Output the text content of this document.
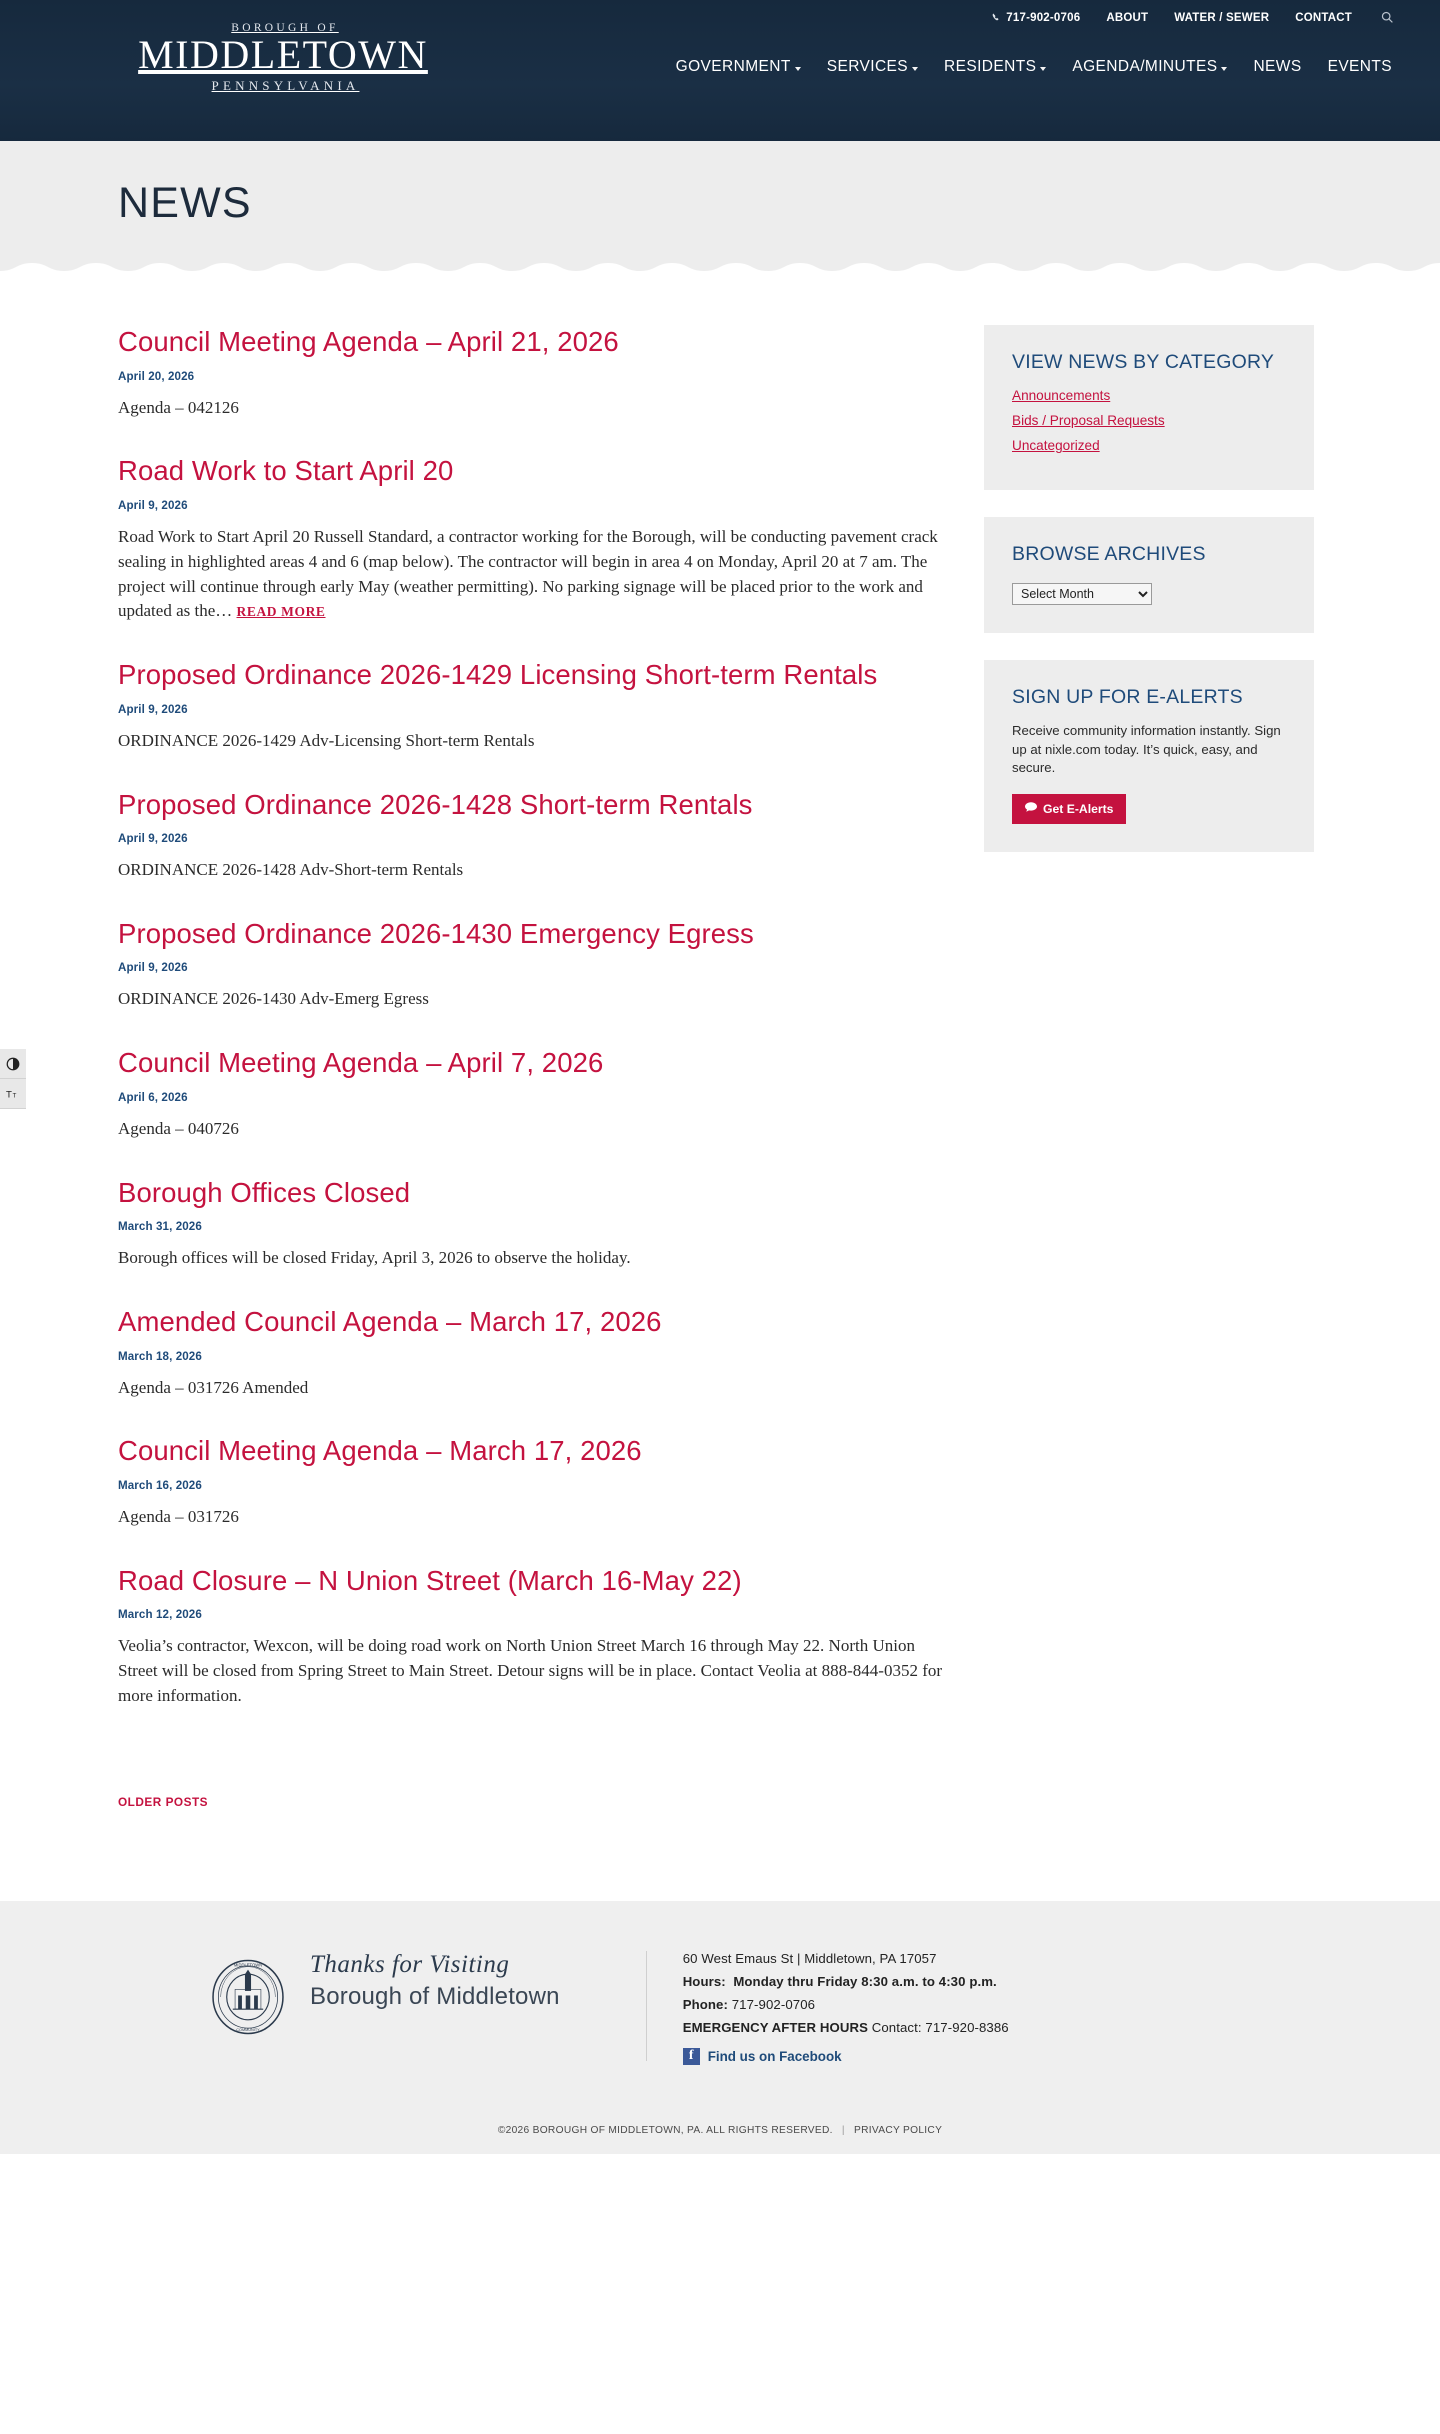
BOROUGH OF
MIDDLETOWN
PENNSYLVANIA
717-902-0706	ABOUT	WATER / SEWER	CONTACT
GOVERNMENT SERVICES RESIDENTS AGENDA/MINUTES	NEWS	EVENTS
NEWS
T T
Council Meeting Agenda – April 21, 2026
April 20, 2026

Agenda – 042126

Road Work to Start April 20
April 9, 2026

Road Work to Start April 20 Russell Standard, a contractor working for the Borough, will be conducting pavement crack sealing in highlighted areas 4 and 6 (map below). The contractor will begin in area 4 on Monday, April 20 at 7 am. The project will continue through early May (weather permitting). No parking signage will be placed prior to the work and updated as the… READ MORE

Proposed Ordinance 2026-1429 Licensing Short-term Rentals
April 9, 2026

ORDINANCE 2026-1429 Adv-Licensing Short-term Rentals

Proposed Ordinance 2026-1428 Short-term Rentals
April 9, 2026

ORDINANCE 2026-1428 Adv-Short-term Rentals

Proposed Ordinance 2026-1430 Emergency Egress
April 9, 2026

ORDINANCE 2026-1430 Adv-Emerg Egress

Council Meeting Agenda – April 7, 2026
April 6, 2026

Agenda – 040726

Borough Offices Closed
March 31, 2026

Borough offices will be closed Friday, April 3, 2026 to observe the holiday.

Amended Council Agenda – March 17, 2026
March 18, 2026

Agenda – 031726 Amended

Council Meeting Agenda – March 17, 2026
March 16, 2026

Agenda – 031726

Road Closure – N Union Street (March 16-May 22)
March 12, 2026

Veolia’s contractor, Wexcon, will be doing road work on North Union Street March 16 through May 22. North Union Street will be closed from Spring Street to Main Street. Detour signs will be in place. Contact Veolia at 888-844-0352 for more information.

OLDER POSTS
VIEW NEWS BY CATEGORY
Announcements
Bids / Proposal Requests
Uncategorized
BROWSE ARCHIVES
Select Month
SIGN UP FOR E-ALERTS

Receive community information instantly. Sign up at nixle.com today. It’s quick, easy, and secure.

Get E-Alerts
MIDDLETOWN
COMMUNITY
Thanks for Visiting
Borough of Middletown
60 West Emaus St | Middletown, PA 17057
Hours: Monday thru Friday 8:30 a.m. to 4:30 p.m.
Phone: 717-902-0706
EMERGENCY AFTER HOURS Contact: 717-920-8386
f	Find us on Facebook
©2026 BOROUGH OF MIDDLETOWN, PA. ALL RIGHTS RESERVED. | PRIVACY POLICY
